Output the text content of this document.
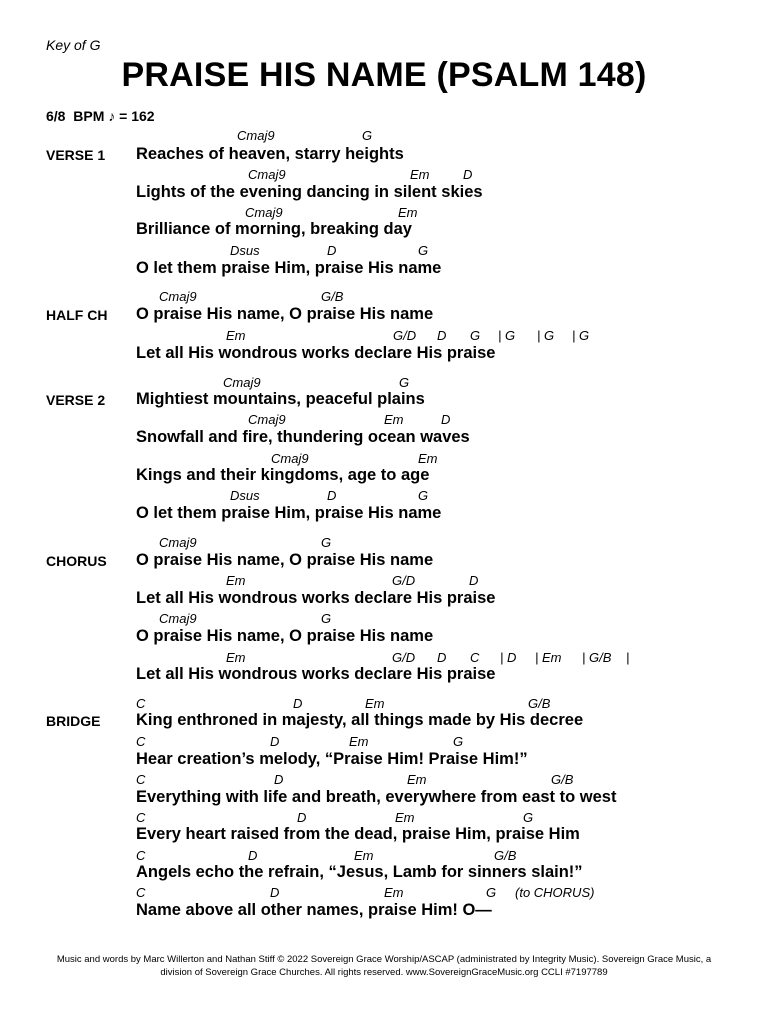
Key of G
PRAISE HIS NAME (PSALM 148)
6/8  BPM ♪ = 162
VERSE 1
Cmaj9	G
Reaches of heaven, starry heights
Cmaj9	Em	D
Lights of the evening dancing in silent skies
Cmaj9	Em
Brilliance of morning, breaking day
Dsus	D	G
O let them praise Him, praise His name
HALF CH
Cmaj9	G/B
O praise His name, O praise His name
Em	G/D D G | G | G | G
Let all His wondrous works declare His praise
VERSE 2
Cmaj9	G
Mightiest mountains, peaceful plains
Cmaj9	Em	D
Snowfall and fire, thundering ocean waves
Cmaj9	Em
Kings and their kingdoms, age to age
Dsus	D	G
O let them praise Him, praise His name
CHORUS
Cmaj9	G
O praise His name, O praise His name
Em	G/D	D
Let all His wondrous works declare His praise
Cmaj9	G
O praise His name, O praise His name
Em	G/D D C | D | Em | G/B |
Let all His wondrous works declare His praise
BRIDGE
C	D	Em	G/B
King enthroned in majesty, all things made by His decree
C	D	Em	G
Hear creation’s melody, “Praise Him! Praise Him!”
C	D	Em	G/B
Everything with life and breath, everywhere from east to west
C	D	Em	G
Every heart raised from the dead, praise Him, praise Him
C	D	Em	G/B
Angels echo the refrain, “Jesus, Lamb for sinners slain!”
C	D	Em	G (to CHORUS)
Name above all other names, praise Him! O—
Music and words by Marc Willerton and Nathan Stiff © 2022 Sovereign Grace Worship/ASCAP (administrated by Integrity Music). Sovereign Grace Music, a division of Sovereign Grace Churches. All rights reserved. www.SovereignGraceMusic.org CCLI #7197789
